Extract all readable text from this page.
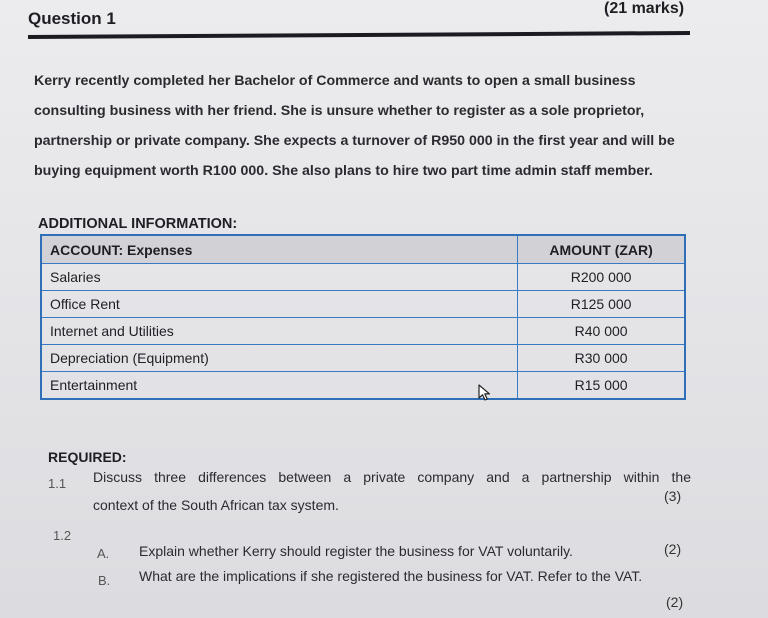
Question 1
(21 marks)
Kerry recently completed her Bachelor of Commerce and wants to open a small business
consulting business with her friend. She is unsure whether to register as a sole proprietor,
partnership or private company. She expects a turnover of R950 000 in the first year and will be
buying equipment worth R100 000. She also plans to hire two part time admin staff member.
ADDITIONAL INFORMATION:
ACCOUNT: Expenses	AMOUNT (ZAR)
Salaries	R200 000
Office Rent	R125 000
Internet and Utilities	R40 000
Depreciation (Equipment)	R30 000
Entertainment	R15 000
REQUIRED:
1.1 Discuss three differences between a private company and a partnership within the
context of the South African tax system.
(3)
1.2
A. Explain whether Kerry should register the business for VAT voluntarily.	(2)
B. What are the implications if she registered the business for VAT. Refer to the VAT.
(2)
